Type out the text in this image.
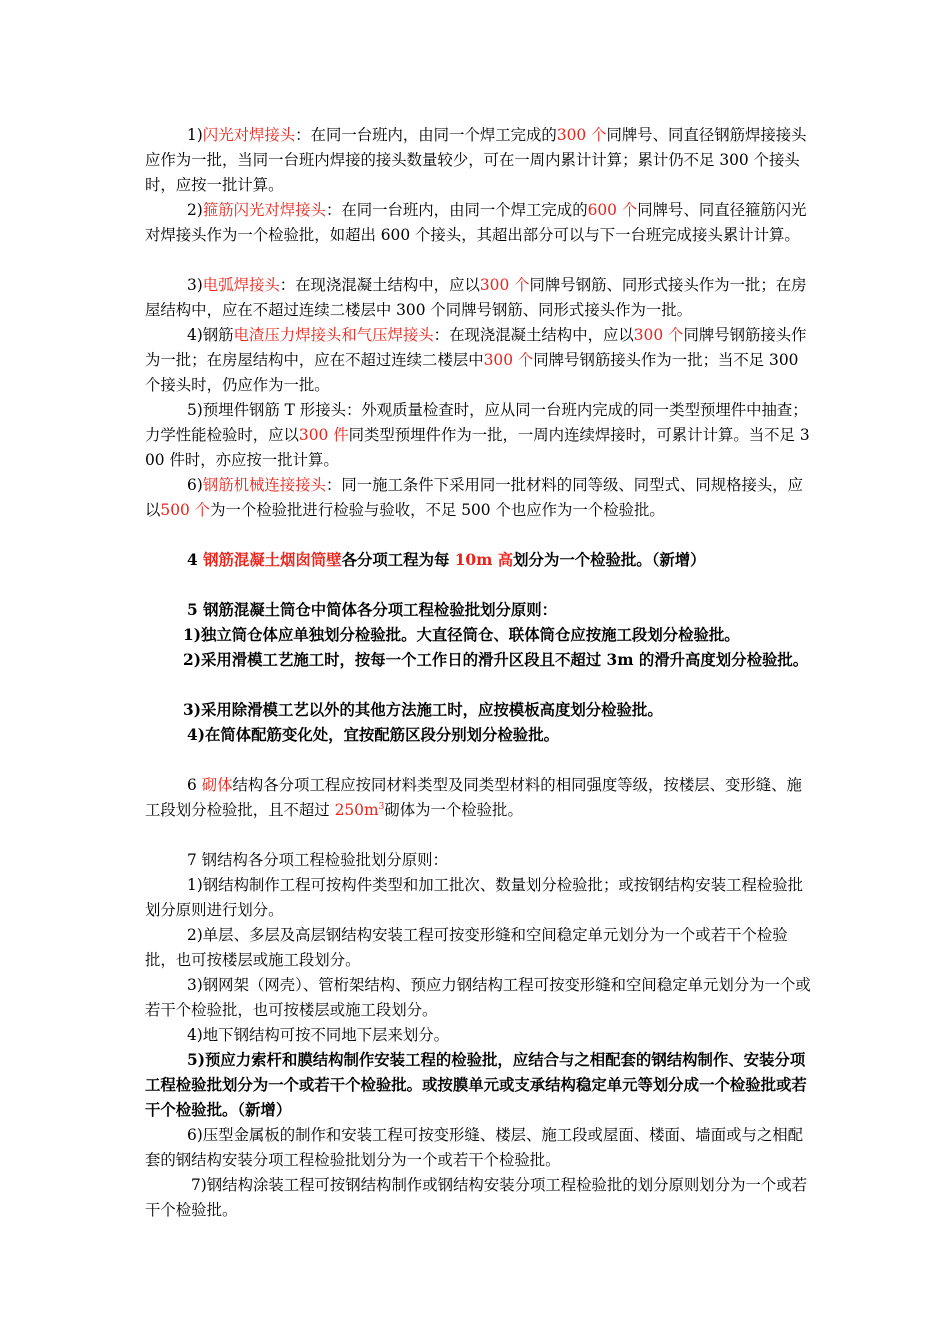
1)闪光对焊接头：在同一台班内，由同一个焊工完成的300 个同牌号、同直径钢筋焊接接头应作为一批，当同一台班内焊接的接头数量较少，可在一周内累计计算；累计仍不足 300 个接头时，应按一批计算。

2)箍筋闪光对焊接头：在同一台班内，由同一个焊工完成的600 个同牌号、同直径箍筋闪光对焊接头作为一个检验批，如超出 600 个接头，其超出部分可以与下一台班完成接头累计计算。

3)电弧焊接头：在现浇混凝土结构中，应以300 个同牌号钢筋、同形式接头作为一批；在房屋结构中，应在不超过连续二楼层中 300 个同牌号钢筋、同形式接头作为一批。

4)钢筋电渣压力焊接头和气压焊接头：在现浇混凝土结构中，应以300 个同牌号钢筋接头作为一批；在房屋结构中，应在不超过连续二楼层中300 个同牌号钢筋接头作为一批；当不足 300 个接头时，仍应作为一批。

5)预埋件钢筋 T 形接头：外观质量检查时，应从同一台班内完成的同一类型预埋件中抽查；力学性能检验时，应以300 件同类型预埋件作为一批，一周内连续焊接时，可累计计算。当不足 300 件时，亦应按一批计算。

6)钢筋机械连接接头：同一施工条件下采用同一批材料的同等级、同型式、同规格接头，应以500 个为一个检验批进行检验与验收，不足 500 个也应作为一个检验批。

4 钢筋混凝土烟囱筒壁各分项工程为每 10m 高划分为一个检验批。（新增）

5 钢筋混凝土筒仓中简体各分项工程检验批划分原则：

1)独立筒仓体应单独划分检验批。大直径筒仓、联体筒仓应按施工段划分检验批。

2)采用滑模工艺施工时，按每一个工作日的滑升区段且不超过 3m 的滑升高度划分检验批。

3)采用除滑模工艺以外的其他方法施工时，应按模板高度划分检验批。

4)在简体配筋变化处，宜按配筋区段分别划分检验批。

6 砌体结构各分项工程应按同材料类型及同类型材料的相同强度等级，按楼层、变形缝、施工段划分检验批，且不超过 $250m^3$砌体为一个检验批。

7 钢结构各分项工程检验批划分原则：

1)钢结构制作工程可按构件类型和加工批次、数量划分检验批；或按钢结构安装工程检验批划分原则进行划分。

2)单层、多层及高层钢结构安装工程可按变形缝和空间稳定单元划分为一个或若干个检验批，也可按楼层或施工段划分。

3)钢网架（网壳）、管桁架结构、预应力钢结构工程可按变形缝和空间稳定单元划分为一个或若干个检验批，也可按楼层或施工段划分。

4)地下钢结构可按不同地下层来划分。

5)预应力索杆和膜结构制作安装工程的检验批，应结合与之相配套的钢结构制作、安装分项工程检验批划分为一个或若干个检验批。或按膜单元或支承结构稳定单元等划分成一个检验批或若干个检验批。（新增）

6)压型金属板的制作和安装工程可按变形缝、楼层、施工段或屋面、楼面、墙面或与之相配套的钢结构安装分项工程检验批划分为一个或若干个检验批。

7)钢结构涂装工程可按钢结构制作或钢结构安装分项工程检验批的划分原则划分为一个或若干个检验批。
